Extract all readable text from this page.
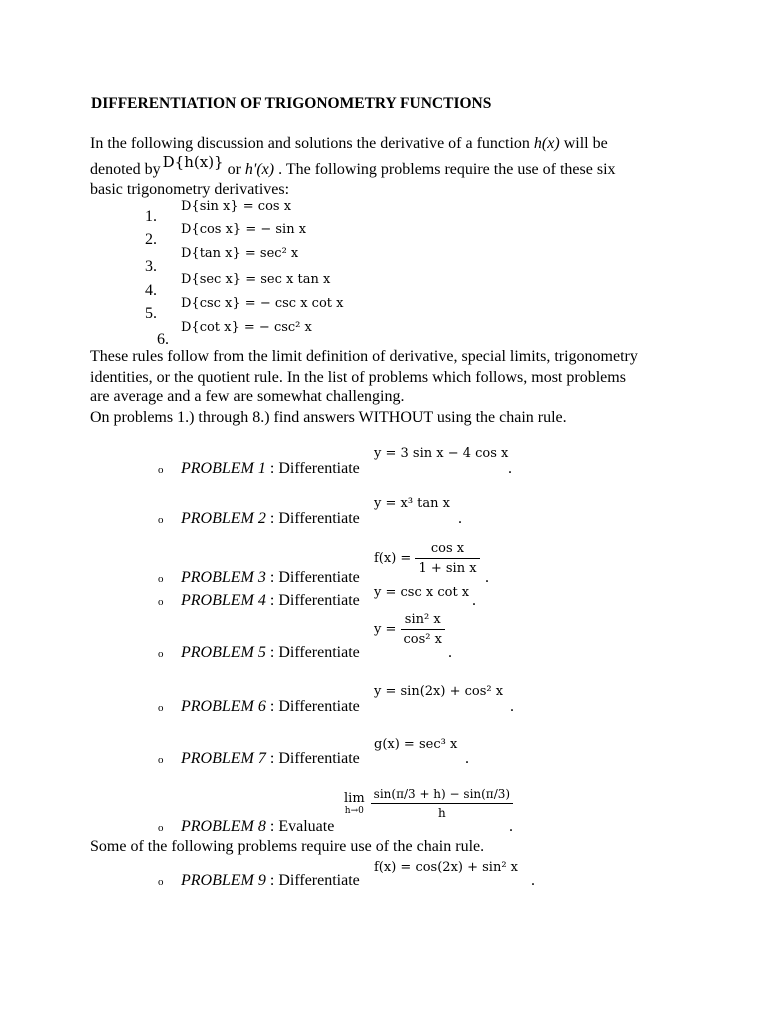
DIFFERENTIATION OF TRIGONOMETRY FUNCTIONS
In the following discussion and solutions the derivative of a function h(x) will be
denoted by D{h(x)} or h'(x) . The following problems require the use of these six
basic trigonometry derivatives:
D{sin x} = cos x
1.
D{cos x} = − sin x
2.
D{tan x} = sec² x
3.
D{sec x} = sec x tan x
4.
D{csc x} = − csc x cot x
5.
D{cot x} = − csc² x
6.
These rules follow from the limit definition of derivative, special limits, trigonometry
identities, or the quotient rule. In the list of problems which follows, most problems
are average and a few are somewhat challenging.
On problems 1.) through 8.) find answers WITHOUT using the chain rule.
o PROBLEM 1 : Differentiate
y = 3 sin x − 4 cos x
.
o PROBLEM 2 : Differentiate
y = x³ tan x
.
o PROBLEM 3 : Differentiate
$f(x) = \frac{\text{cos x}}{\text{1 + sin x}}$
.
o PROBLEM 4 : Differentiate y = csc x cot x .
o PROBLEM 5 : Differentiate
$y = \frac{\text{sin² x}}{\text{cos² x}}$
.
o PROBLEM 6 : Differentiate
y = sin(2x) + cos² x
.
o PROBLEM 7 : Differentiate
g(x) = sec³ x
.
o PROBLEM 8 : Evaluate
lim
h→0
$\frac{\sin(\pi/3 + h) - \sin(\pi/3)}{h}$
.
Some of the following problems require use of the chain rule.
o PROBLEM 9 : Differentiate
f(x) = cos(2x) + sin² x
.
